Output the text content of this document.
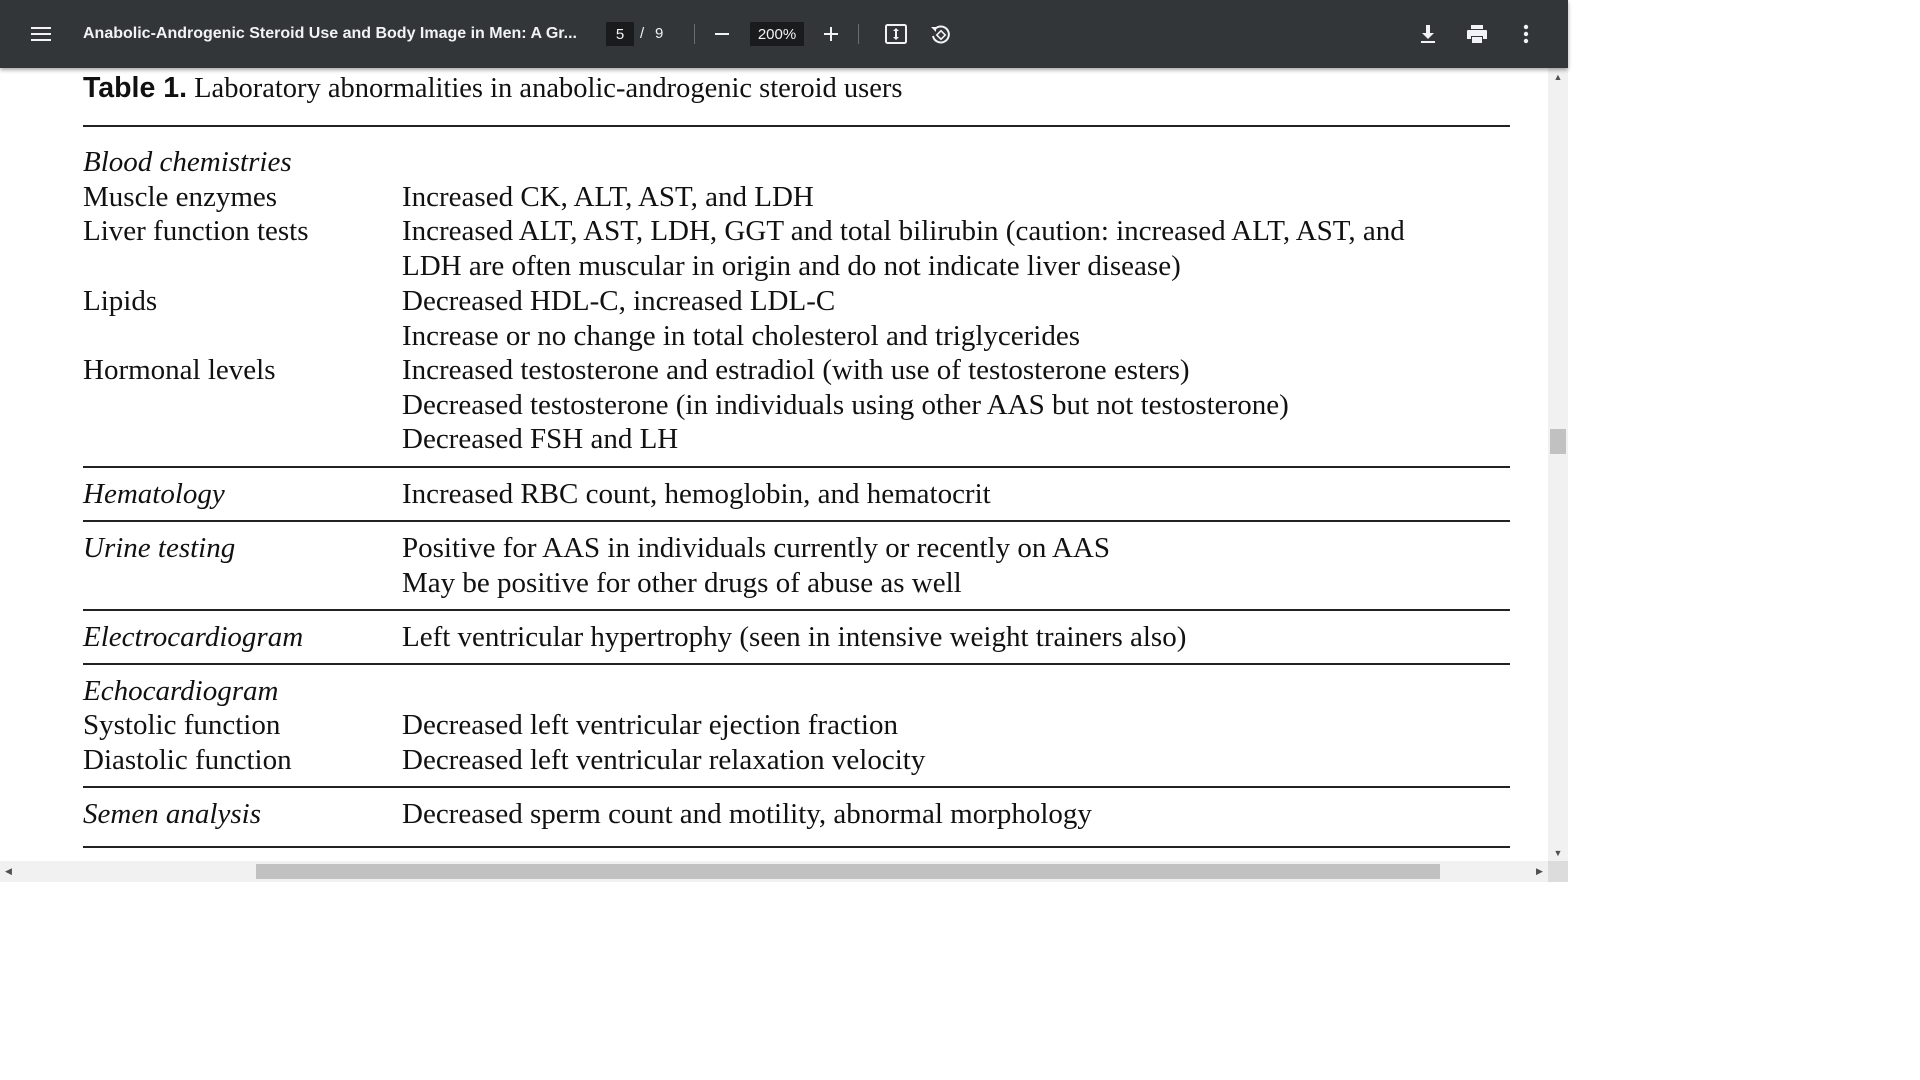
Anabolic-Androgenic Steroid Use and Body Image in Men: A Gr...
5	/ 9
200%
Table 1. Laboratory abnormalities in anabolic-androgenic steroid users
Blood chemistries
Muscle enzymes	Increased CK, ALT, AST, and LDH
Liver function tests	Increased ALT, AST, LDH, GGT and total bilirubin (caution: increased ALT, AST, and
LDH are often muscular in origin and do not indicate liver disease)
Lipids	Decreased HDL-C, increased LDL-C
Increase or no change in total cholesterol and triglycerides
Hormonal levels	Increased testosterone and estradiol (with use of testosterone esters)
Decreased testosterone (in individuals using other AAS but not testosterone)
Decreased FSH and LH
Hematology	Increased RBC count, hemoglobin, and hematocrit
Urine testing	Positive for AAS in individuals currently or recently on AAS
May be positive for other drugs of abuse as well
Electrocardiogram	Left ventricular hypertrophy (seen in intensive weight trainers also)
Echocardiogram
Systolic function	Decreased left ventricular ejection fraction
Diastolic function	Decreased left ventricular relaxation velocity
Semen analysis	Decreased sperm count and motility, abnormal morphology
▲
▼
◀	▶
